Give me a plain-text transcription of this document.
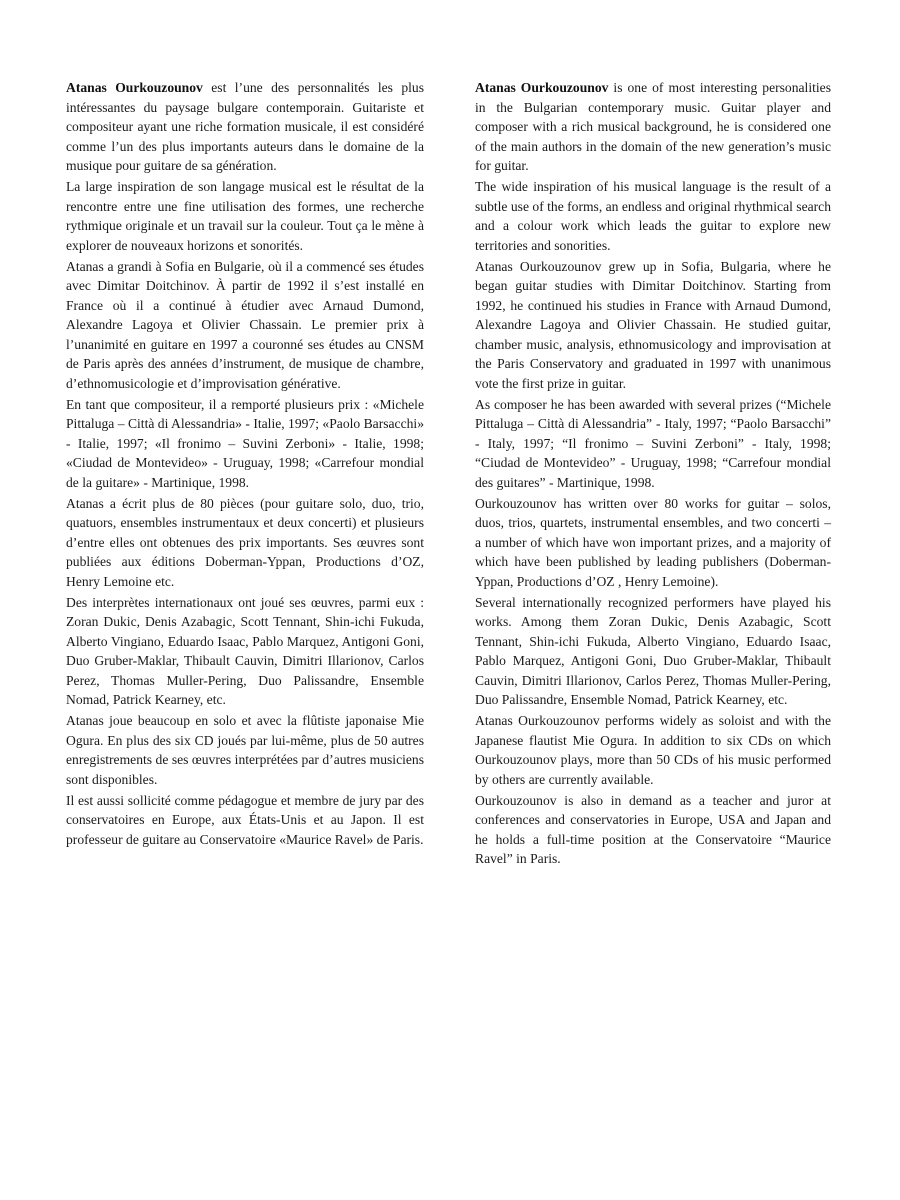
Atanas Ourkouzounov est l’une des personnalités les plus intéressantes du paysage bulgare contemporain. Guitariste et compositeur ayant une riche formation musicale, il est considéré comme l’un des plus importants auteurs dans le domaine de la musique pour guitare de sa génération.

La large inspiration de son langage musical est le résultat de la rencontre entre une fine utilisation des formes, une recherche rythmique originale et un travail sur la couleur. Tout ça le mène à explorer de nouveaux horizons et sonorités.

Atanas a grandi à Sofia en Bulgarie, où il a commencé ses études avec Dimitar Doitchinov. À partir de 1992 il s’est installé en France où il a continué à étudier avec Arnaud Dumond, Alexandre Lagoya et Olivier Chassain. Le premier prix à l’unanimité en guitare en 1997 a couronné ses études au CNSM de Paris après des années d’instrument, de musique de chambre, d’ethnomusicologie et d’improvisation générative.

En tant que compositeur, il a remporté plusieurs prix : «Michele Pittaluga – Città di Alessandria» - Italie, 1997; «Paolo Barsacchi» - Italie, 1997; «Il fronimo – Suvini Zerboni» - Italie, 1998; «Ciudad de Montevideo» - Uruguay, 1998; «Carrefour mondial de la guitare» - Martinique, 1998.

Atanas a écrit plus de 80 pièces (pour guitare solo, duo, trio, quatuors, ensembles instrumentaux et deux concerti) et plusieurs d’entre elles ont obtenues des prix importants. Ses œuvres sont publiées aux éditions Doberman-Yppan, Productions d’OZ, Henry Lemoine etc.

Des interprètes internationaux ont joué ses œuvres, parmi eux : Zoran Dukic, Denis Azabagic, Scott Tennant, Shin-ichi Fukuda, Alberto Vingiano, Eduardo Isaac, Pablo Marquez, Antigoni Goni, Duo Gruber-Maklar, Thibault Cauvin, Dimitri Illarionov, Carlos Perez, Thomas Muller-Pering, Duo Palissandre, Ensemble Nomad, Patrick Kearney, etc.

Atanas joue beaucoup en solo et avec la flûtiste japonaise Mie Ogura. En plus des six CD joués par lui-même, plus de 50 autres enregistrements de ses œuvres interprétées par d’autres musiciens sont disponibles.

Il est aussi sollicité comme pédagogue et membre de jury par des conservatoires en Europe, aux États-Unis et au Japon. Il est professeur de guitare au Conservatoire «Maurice Ravel» de Paris.

Atanas Ourkouzounov is one of most interesting personalities in the Bulgarian contemporary music. Guitar player and composer with a rich musical background, he is considered one of the main authors in the domain of the new generation’s music for guitar.

The wide inspiration of his musical language is the result of a subtle use of the forms, an endless and original rhythmical search and a colour work which leads the guitar to explore new territories and sonorities.

Atanas Ourkouzounov grew up in Sofia, Bulgaria, where he began guitar studies with Dimitar Doitchinov. Starting from 1992, he continued his studies in France with Arnaud Dumond, Alexandre Lagoya and Olivier Chassain. He studied guitar, chamber music, analysis, ethnomusicology and improvisation at the Paris Conservatory and graduated in 1997 with unanimous vote the first prize in guitar.

As composer he has been awarded with several prizes (“Michele Pittaluga – Città di Alessandria” - Italy, 1997; “Paolo Barsacchi” - Italy, 1997; “Il fronimo – Suvini Zerboni” - Italy, 1998; “Ciudad de Montevideo” - Uruguay, 1998; “Carrefour mondial des guitares” - Martinique, 1998.

Ourkouzounov has written over 80 works for guitar – solos, duos, trios, quartets, instrumental ensembles, and two concerti – a number of which have won important prizes, and a majority of which have been published by leading publishers (Doberman-Yppan, Productions d’OZ , Henry Lemoine).

Several internationally recognized performers have played his works. Among them Zoran Dukic, Denis Azabagic, Scott Tennant, Shin-ichi Fukuda, Alberto Vingiano, Eduardo Isaac, Pablo Marquez, Antigoni Goni, Duo Gruber-Maklar, Thibault Cauvin, Dimitri Illarionov, Carlos Perez, Thomas Muller-Pering, Duo Palissandre, Ensemble Nomad, Patrick Kearney, etc.

Atanas Ourkouzounov performs widely as soloist and with the Japanese flautist Mie Ogura. In addition to six CDs on which Ourkouzounov plays, more than 50 CDs of his music performed by others are currently available.

Ourkouzounov is also in demand as a teacher and juror at conferences and conservatories in Europe, USA and Japan and he holds a full-time position at the Conservatoire “Maurice Ravel” in Paris.
